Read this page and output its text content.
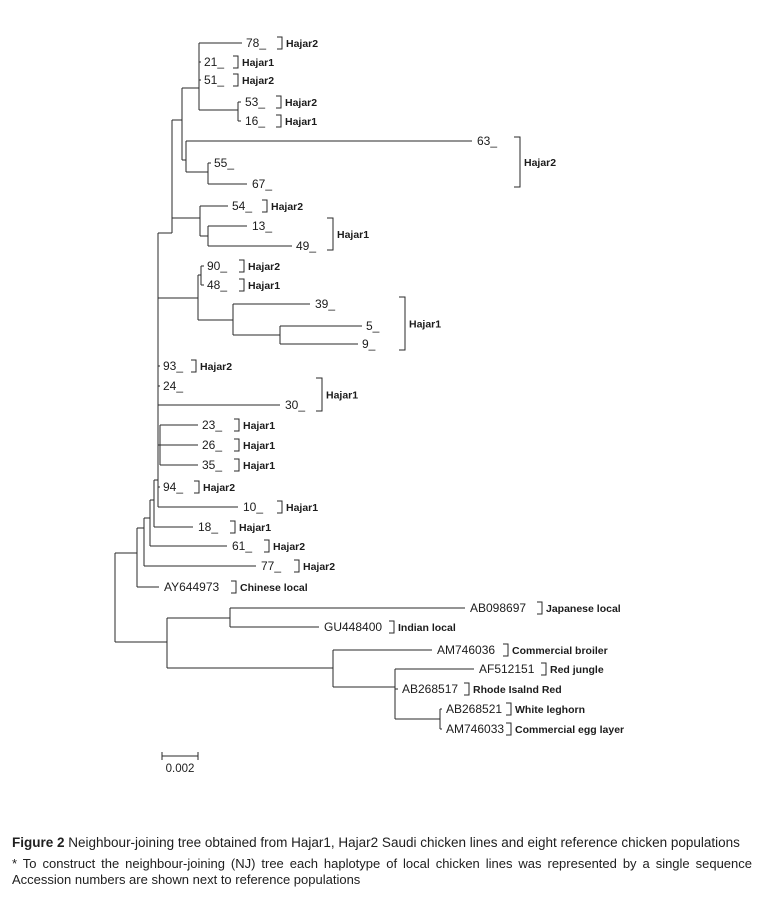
78_ Hajar2
21_ Hajar1
51_ Hajar2
53_ Hajar2
16_ Hajar1
63_
55_
67_
54_ Hajar2
13_
49_
90_ Hajar2
48_ Hajar1
39_
5_
9_
93_ Hajar2
24_
30_
23_ Hajar1
26_ Hajar1
35_ Hajar1
94_ Hajar2
10_ Hajar1
18_ Hajar1
61_ Hajar2
77_ Hajar2
AY644973 Chinese local
AB098697 Japanese local
GU448400 Indian local
AM746036 Commercial broiler
AF512151 Red jungle
AB268517 Rhode Isalnd Red
AB268521 White leghorn
AM746033 Commercial egg layer
Hajar2
Hajar1
Hajar1
Hajar1
0.002

Figure 2 Neighbour-joining tree obtained from Hajar1, Hajar2 Saudi chicken lines and eight reference chicken populations

* To construct the neighbour-joining (NJ) tree each haplotype of local chicken lines was represented by a single sequence Accession numbers are shown next to reference populations
